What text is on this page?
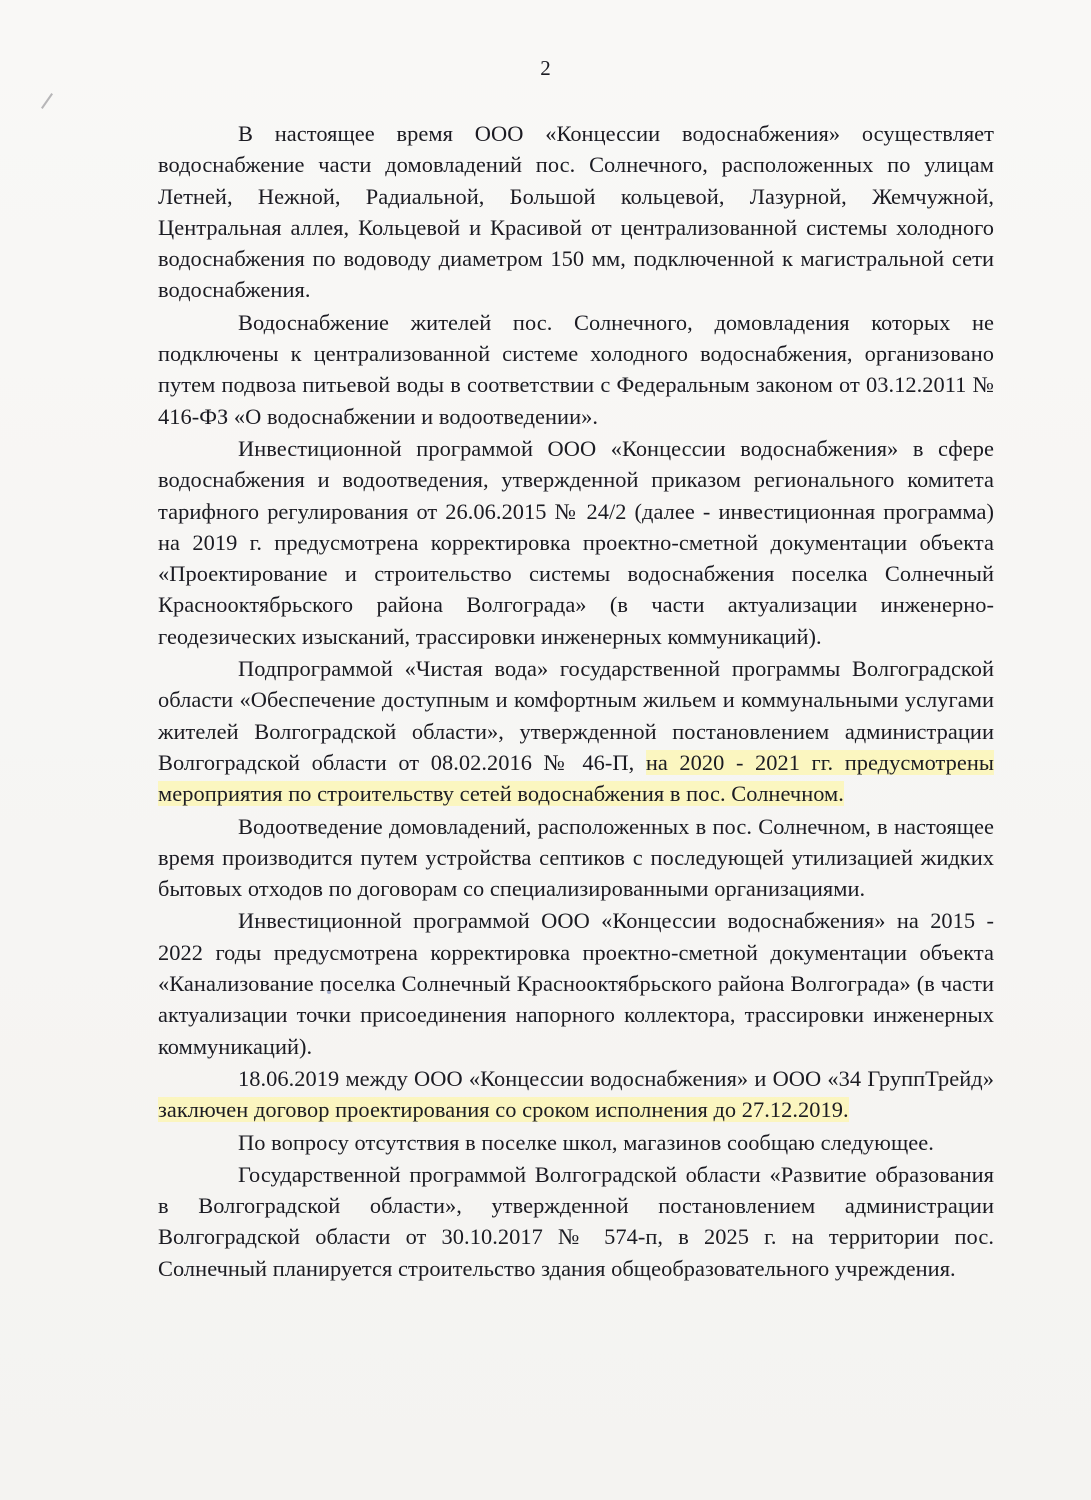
2

В настоящее время ООО «Концессии водоснабжения» осуществляет водоснабжение части домовладений пос. Солнечного, расположенных по улицам Летней, Нежной, Радиальной, Большой кольцевой, Лазурной, Жемчужной, Центральная аллея, Кольцевой и Красивой от централизованной системы холодного водоснабжения по водоводу диаметром 150 мм, подключенной к магистральной сети водоснабжения.

Водоснабжение жителей пос. Солнечного, домовладения которых не подключены к централизованной системе холодного водоснабжения, организовано путем подвоза питьевой воды в соответствии с Федеральным законом от 03.12.2011 № 416-ФЗ «О водоснабжении и водоотведении».

Инвестиционной программой ООО «Концессии водоснабжения» в сфере водоснабжения и водоотведения, утвержденной приказом регионального комитета тарифного регулирования от 26.06.2015 № 24/2 (далее - инвестиционная программа) на 2019 г. предусмотрена корректировка проектно-сметной документации объекта «Проектирование и строительство системы водоснабжения поселка Солнечный Краснооктябрьского района Волгограда» (в части актуализации инженерно-геодезических изысканий, трассировки инженерных коммуникаций).

Подпрограммой «Чистая вода» государственной программы Волгоградской области «Обеспечение доступным и комфортным жильем и коммунальными услугами жителей Волгоградской области», утвержденной постановлением администрации Волгоградской области от 08.02.2016 № 46-П, на 2020 - 2021 гг. предусмотрены мероприятия по строительству сетей водоснабжения в пос. Солнечном.

Водоотведение домовладений, расположенных в пос. Солнечном, в настоящее время производится путем устройства септиков с последующей утилизацией жидких бытовых отходов по договорам со специализированными организациями.

Инвестиционной программой ООО «Концессии водоснабжения» на 2015 - 2022 годы предусмотрена корректировка проектно-сметной документации объекта «Канализование поселка Солнечный Краснооктябрьского района Волгограда» (в части актуализации точки присоединения напорного коллектора, трассировки инженерных коммуникаций).

18.06.2019 между ООО «Концессии водоснабжения» и ООО «34 ГруппТрейд» заключен договор проектирования со сроком исполнения до 27.12.2019.

По вопросу отсутствия в поселке школ, магазинов сообщаю следующее.

Государственной программой Волгоградской области «Развитие образования в Волгоградской области», утвержденной постановлением администрации Волгоградской области от 30.10.2017 № 574-п, в 2025 г. на территории пос. Солнечный планируется строительство здания общеобразовательного учреждения.
